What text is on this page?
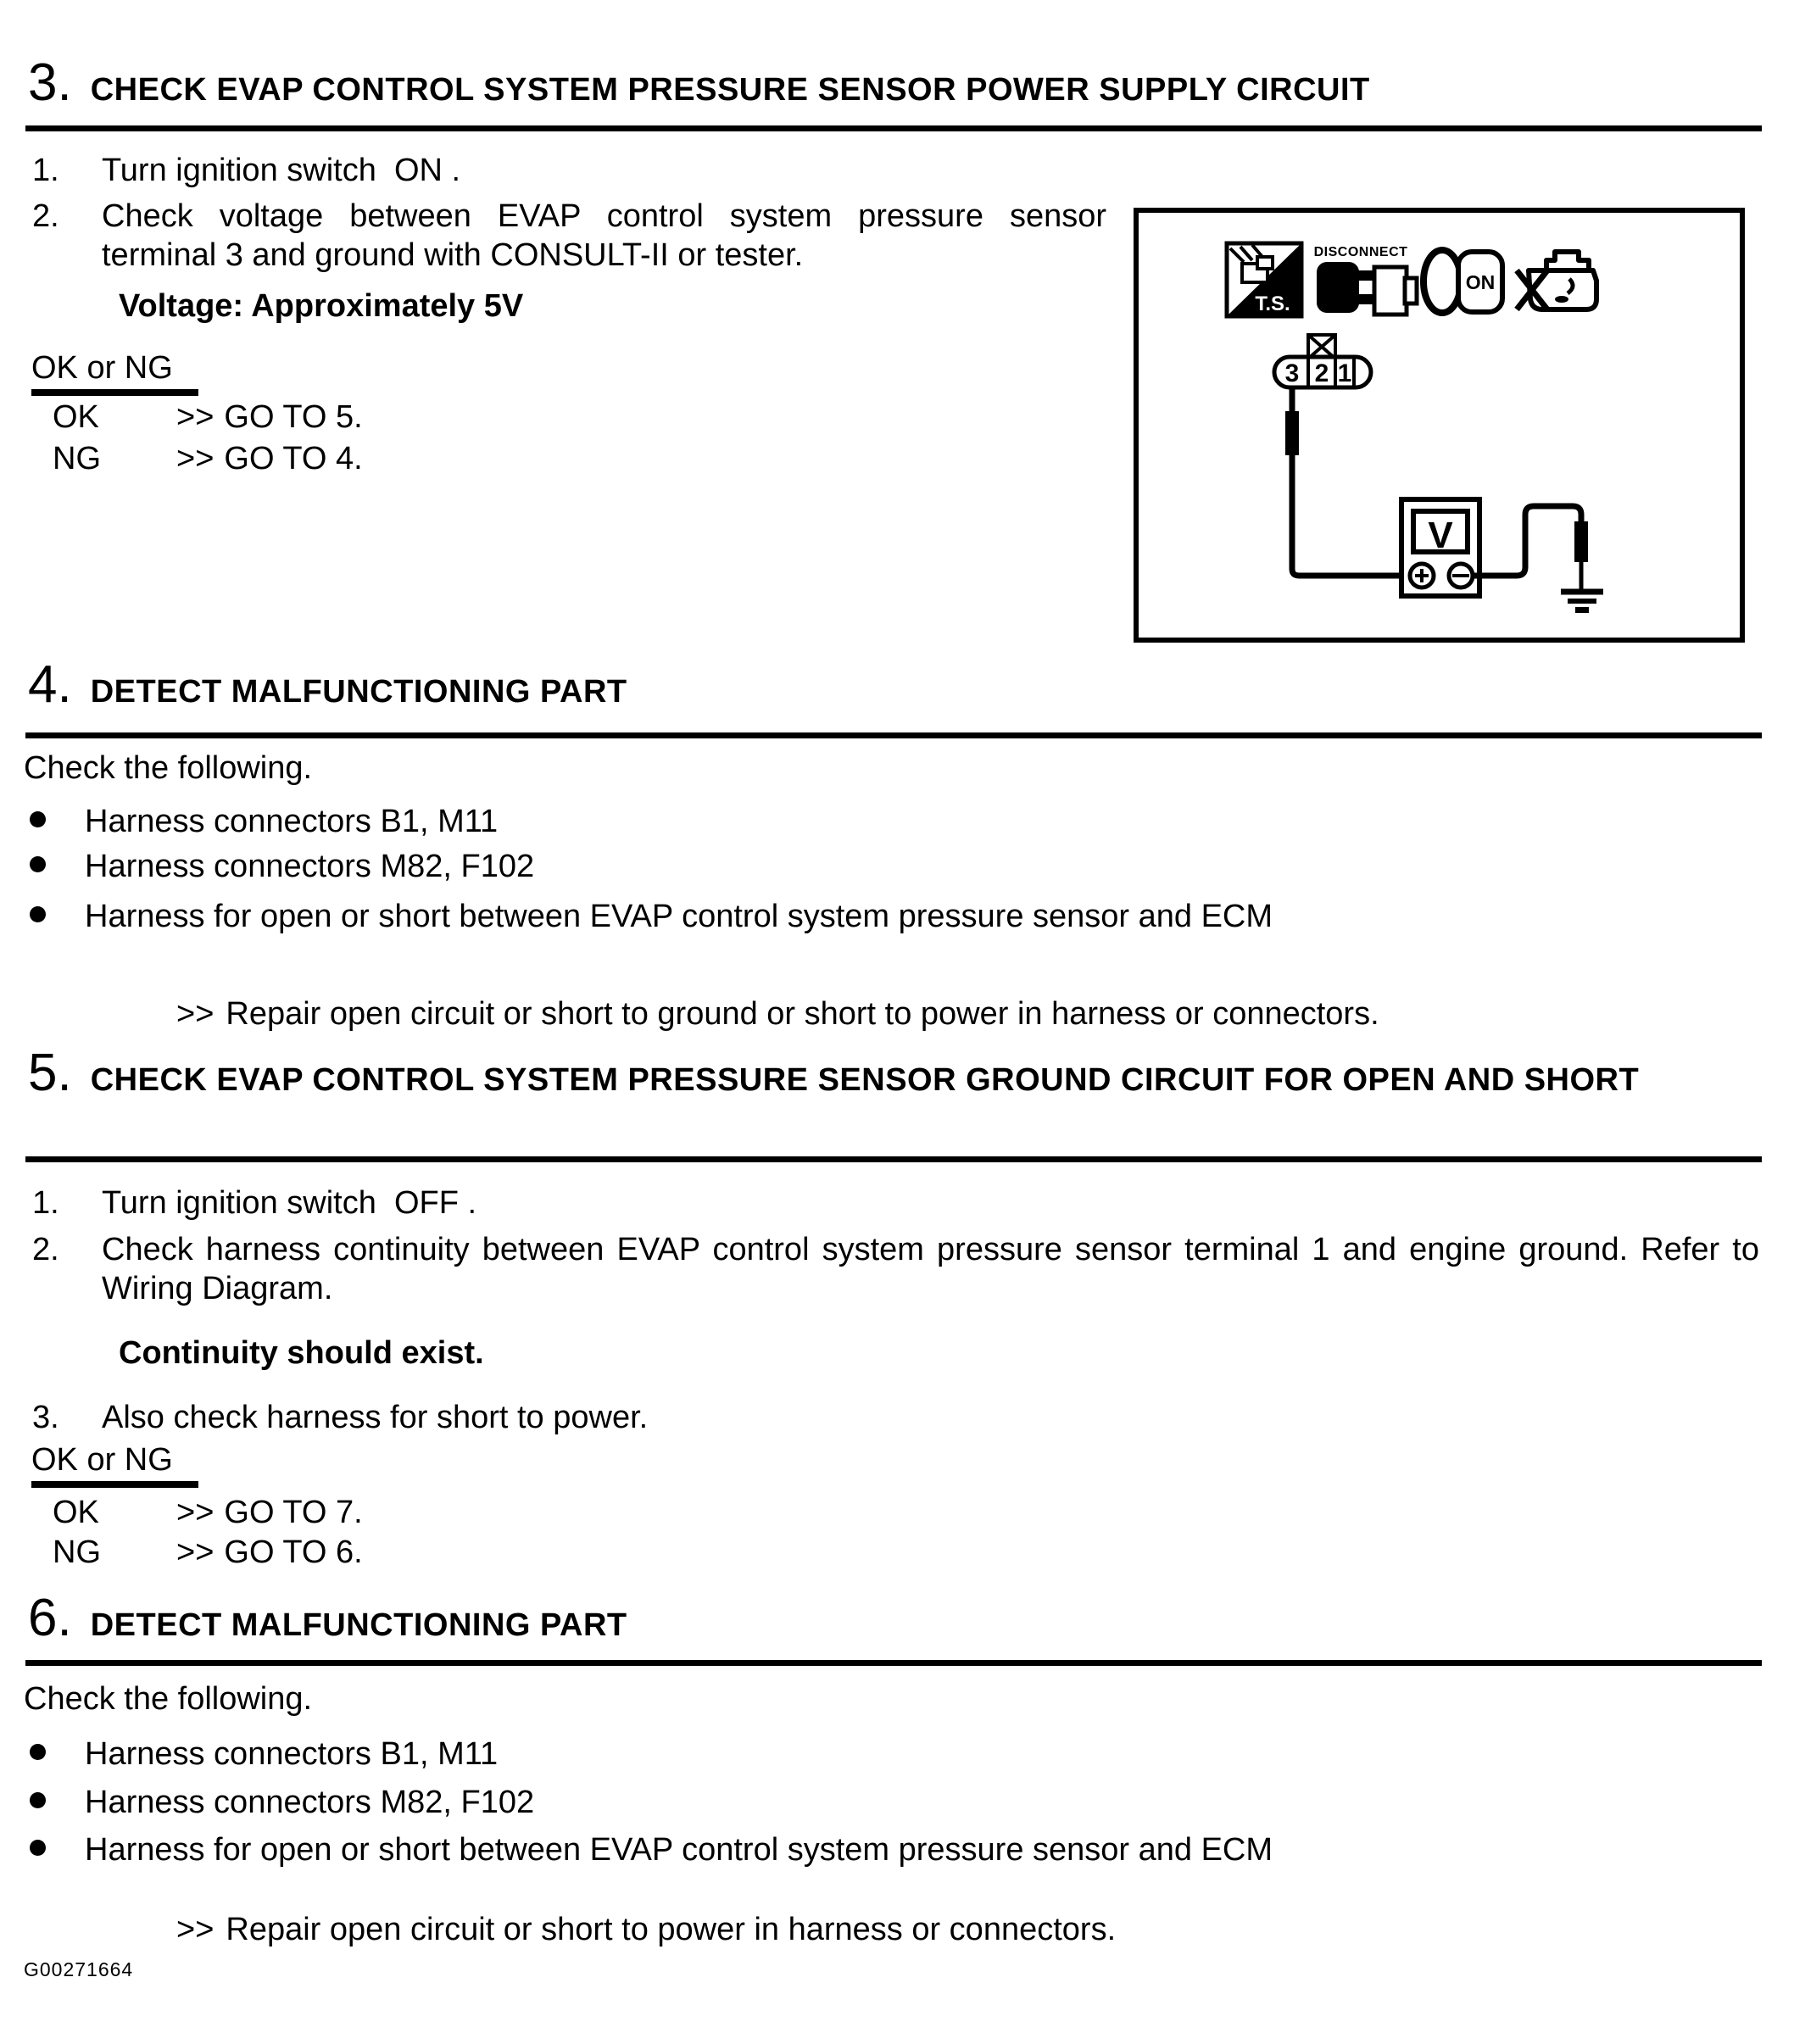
3. CHECK EVAP CONTROL SYSTEM PRESSURE SENSOR POWER SUPPLY CIRCUIT
1.	Turn ignition switch  ON .
2.	Check voltage between EVAP control system pressure sensor terminal 3 and ground with CONSULT-II or tester.
Voltage: Approximately 5V
OK or NG
OK	>> GO TO 5.
NG	>> GO TO 4.
T.S.
DISCONNECT
ON
3 2 1
V
4. DETECT MALFUNCTIONING PART
Check the following.
Harness connectors B1, M11
Harness connectors M82, F102
Harness for open or short between EVAP control system pressure sensor and ECM
>> Repair open circuit or short to ground or short to power in harness or connectors.
5. CHECK EVAP CONTROL SYSTEM PRESSURE SENSOR GROUND CIRCUIT FOR OPEN AND SHORT
1.	Turn ignition switch  OFF .
2.	Check harness continuity between EVAP control system pressure sensor terminal 1 and engine ground. Refer to Wiring Diagram.
Continuity should exist.
3.	Also check harness for short to power.
OK or NG
OK	>> GO TO 7.
NG	>> GO TO 6.
6. DETECT MALFUNCTIONING PART
Check the following.
Harness connectors B1, M11
Harness connectors M82, F102
Harness for open or short between EVAP control system pressure sensor and ECM
>> Repair open circuit or short to power in harness or connectors.
G00271664
